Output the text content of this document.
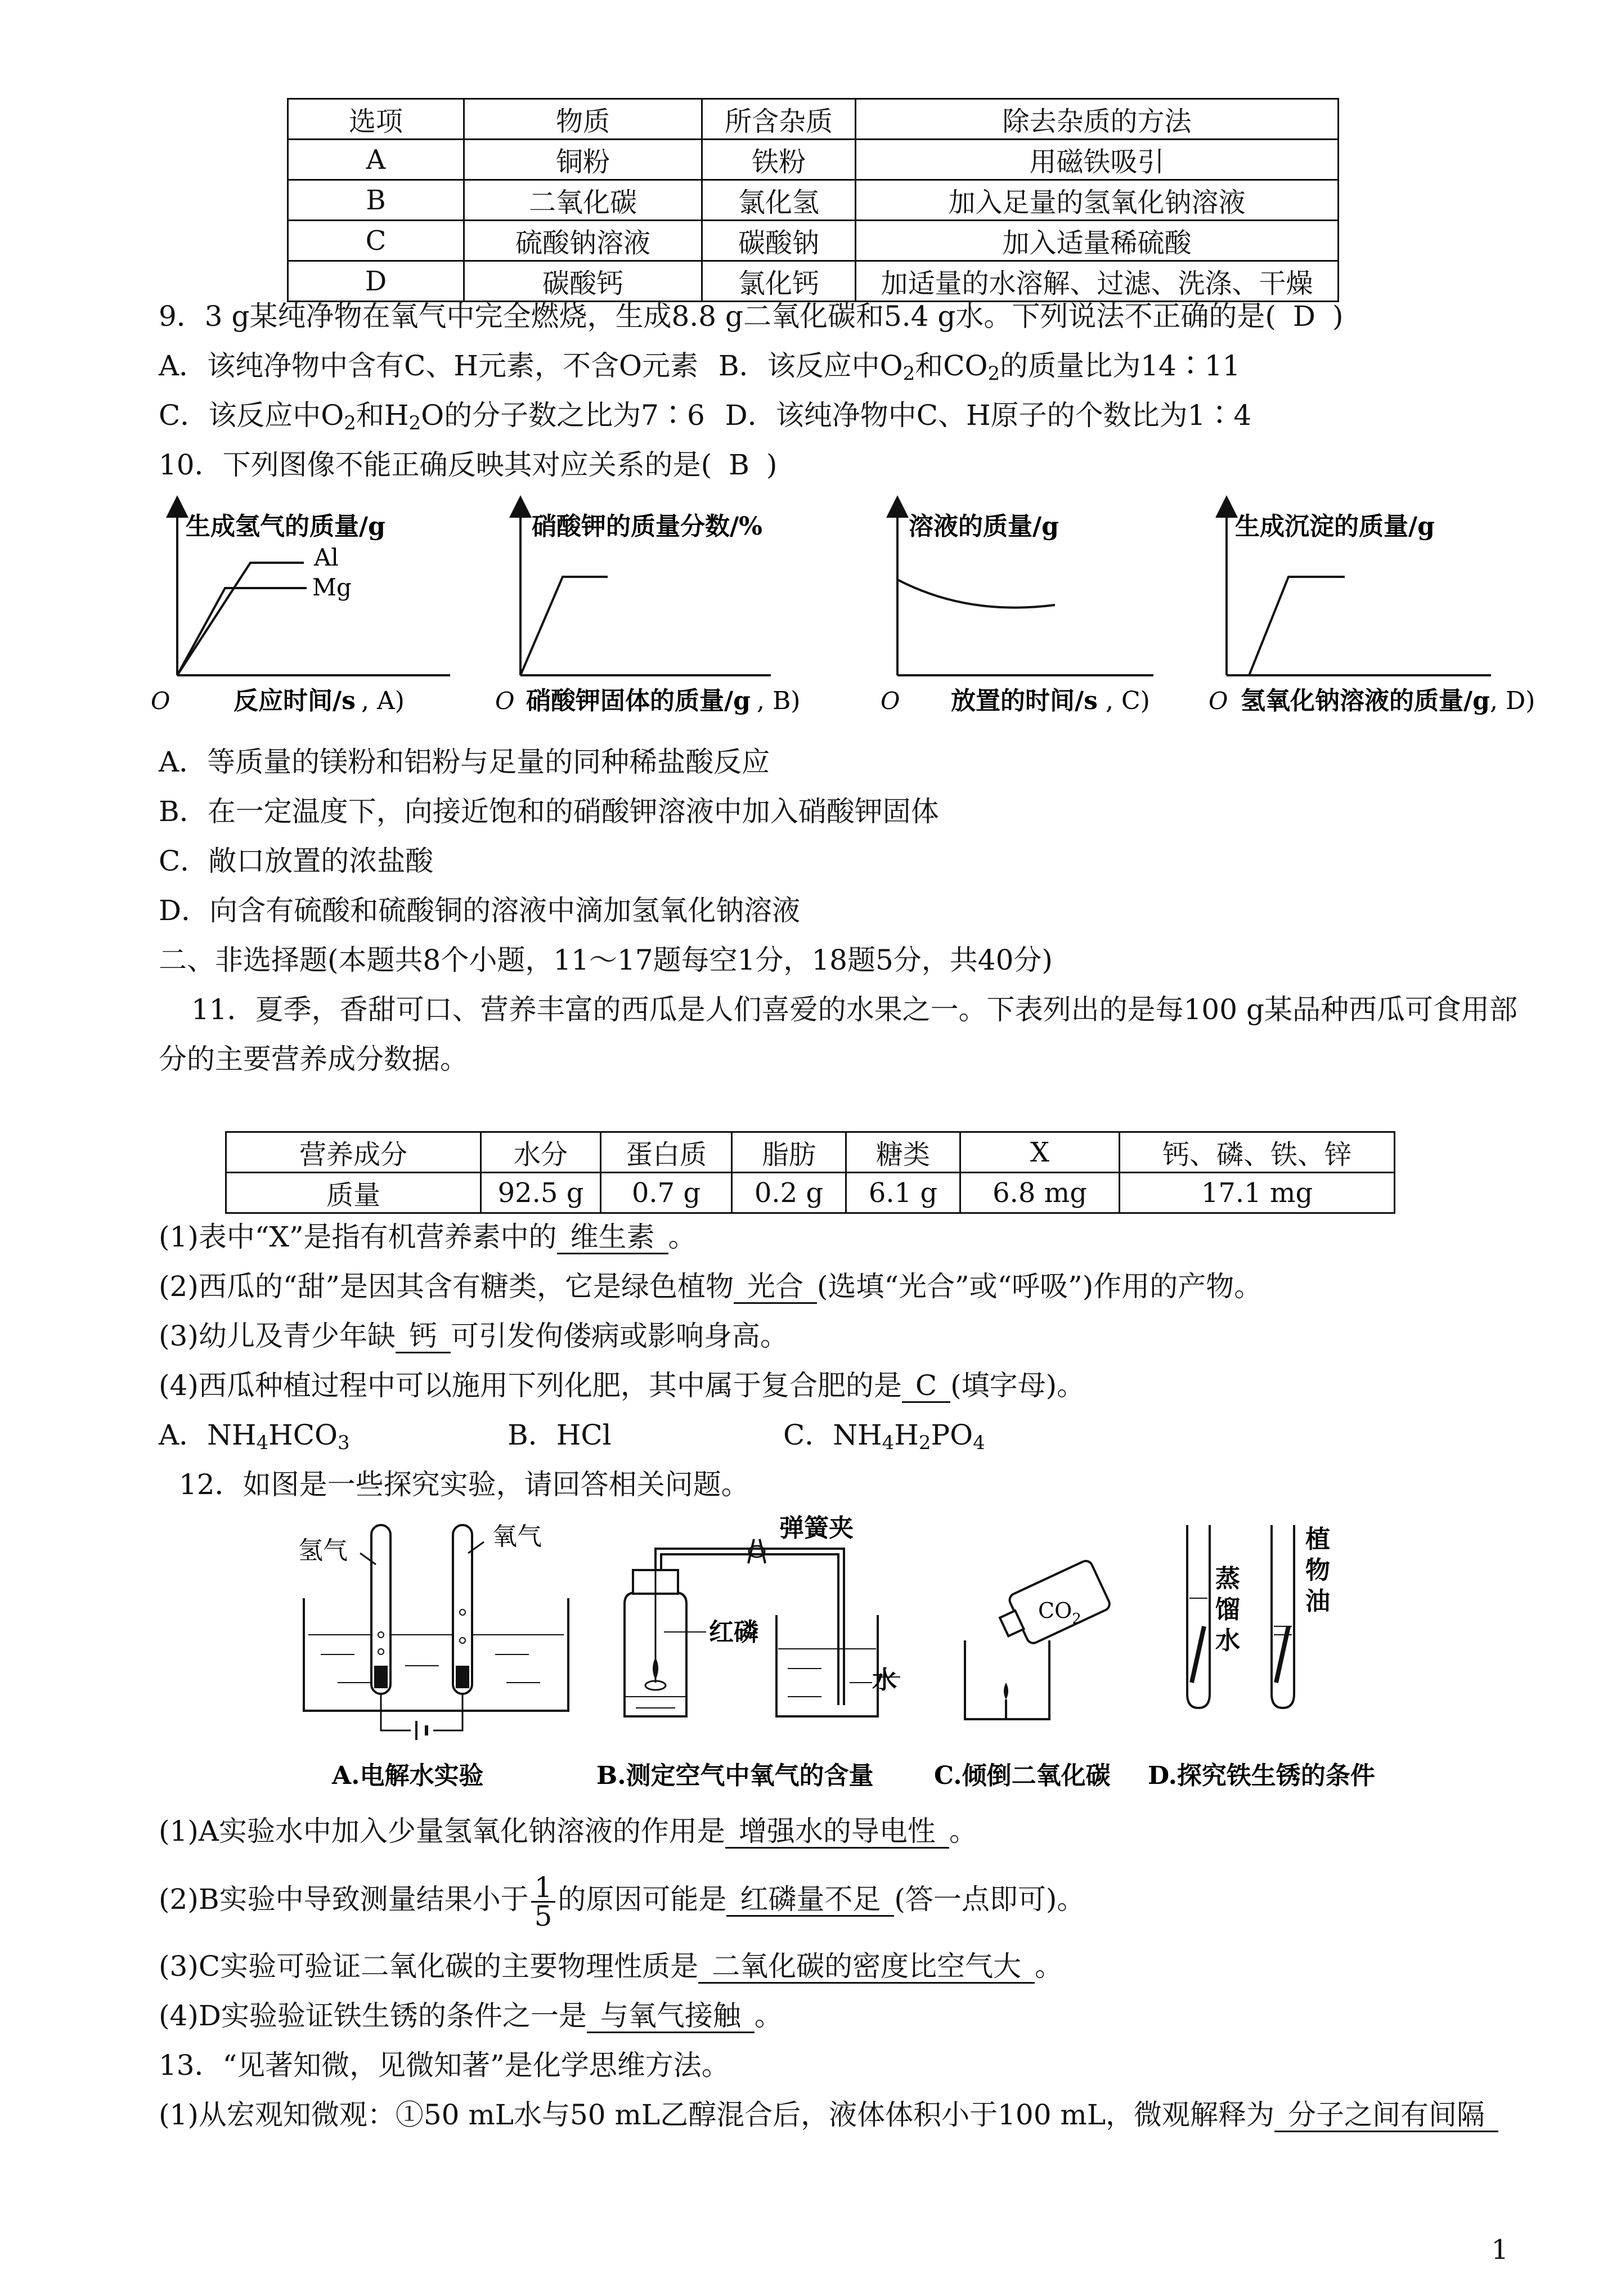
选项	物质	所含杂质	除去杂质的方法
A	铜粉	铁粉	用磁铁吸引
B	二氧化碳	氯化氢	加入足量的氢氧化钠溶液
C	硫酸钠溶液	碳酸钠	加入适量稀硫酸
D	碳酸钙	氯化钙	加适量的水溶解、过滤、洗涤、干燥
9．3 g某纯净物在氧气中完全燃烧，生成8.8 g二氧化碳和5.4 g水。下列说法不正确的是( D )
A．该纯净物中含有C、H元素，不含O元素 B．该反应中$O_2$和$CO_2$的质量比为14∶11
C．该反应中$O_2$和$H_2O$的分子数之比为7∶6 D．该纯净物中C、H原子的个数比为1∶4
10．下列图像不能正确反映其对应关系的是( B )
生成氢气的质量/g
Al
Mg
O	反应时间/s , A)
硝酸钾的质量分数/%
O 硝酸钾固体的质量/g , B)
溶液的质量/g
O 放置的时间/s , C)
生成沉淀的质量/g
O 氢氧化钠溶液的质量/g , D)
A．等质量的镁粉和铝粉与足量的同种稀盐酸反应
B．在一定温度下，向接近饱和的硝酸钾溶液中加入硝酸钾固体
C．敞口放置的浓盐酸
D．向含有硫酸和硫酸铜的溶液中滴加氢氧化钠溶液
二、非选择题(本题共8个小题，11～17题每空1分，18题5分，共40分)
11．夏季，香甜可口、营养丰富的西瓜是人们喜爱的水果之一。下表列出的是每100 g某品种西瓜可食用部
分的主要营养成分数据。
营养成分	水分	蛋白质	脂肪	糖类	X	钙、磷、铁、锌
质量	92.5 g	0.7 g	0.2 g	6.1 g	6.8 mg	17.1 mg
(1)表中“X”是指有机营养素中的 维生素 。
(2)西瓜的“甜”是因其含有糖类，它是绿色植物 光合 (选填“光合”或“呼吸”)作用的产物。
(3)幼儿及青少年缺 钙 可引发佝偻病或影响身高。
(4)西瓜种植过程中可以施用下列化肥，其中属于复合肥的是 C (填字母)。
A．$NH_4HCO_3$	B．HCl	C．$NH_4H_2PO_4$
12．如图是一些探究实验，请回答相关问题。
氢气	氧气
A.电解水实验
弹簧夹
红磷
水
B.测定空气中氧气的含量
$CO_2$
C.倾倒二氧化碳
蒸
馏
水
植
物
油
D.探究铁生锈的条件
(1)A实验水中加入少量氢氧化钠溶液的作用是 增强水的导电性 。
(2)B实验中导致测量结果小于 $\frac{1}{5}$ 的原因可能是 红磷量不足 (答一点即可)。
(3)C实验可验证二氧化碳的主要物理性质是 二氧化碳的密度比空气大 。
(4)D实验验证铁生锈的条件之一是 与氧气接触 。
13．“见著知微，见微知著”是化学思维方法。
(1)从宏观知微观：①50 mL水与50 mL乙醇混合后，液体体积小于100 mL，微观解释为 分子之间有间隔
1
